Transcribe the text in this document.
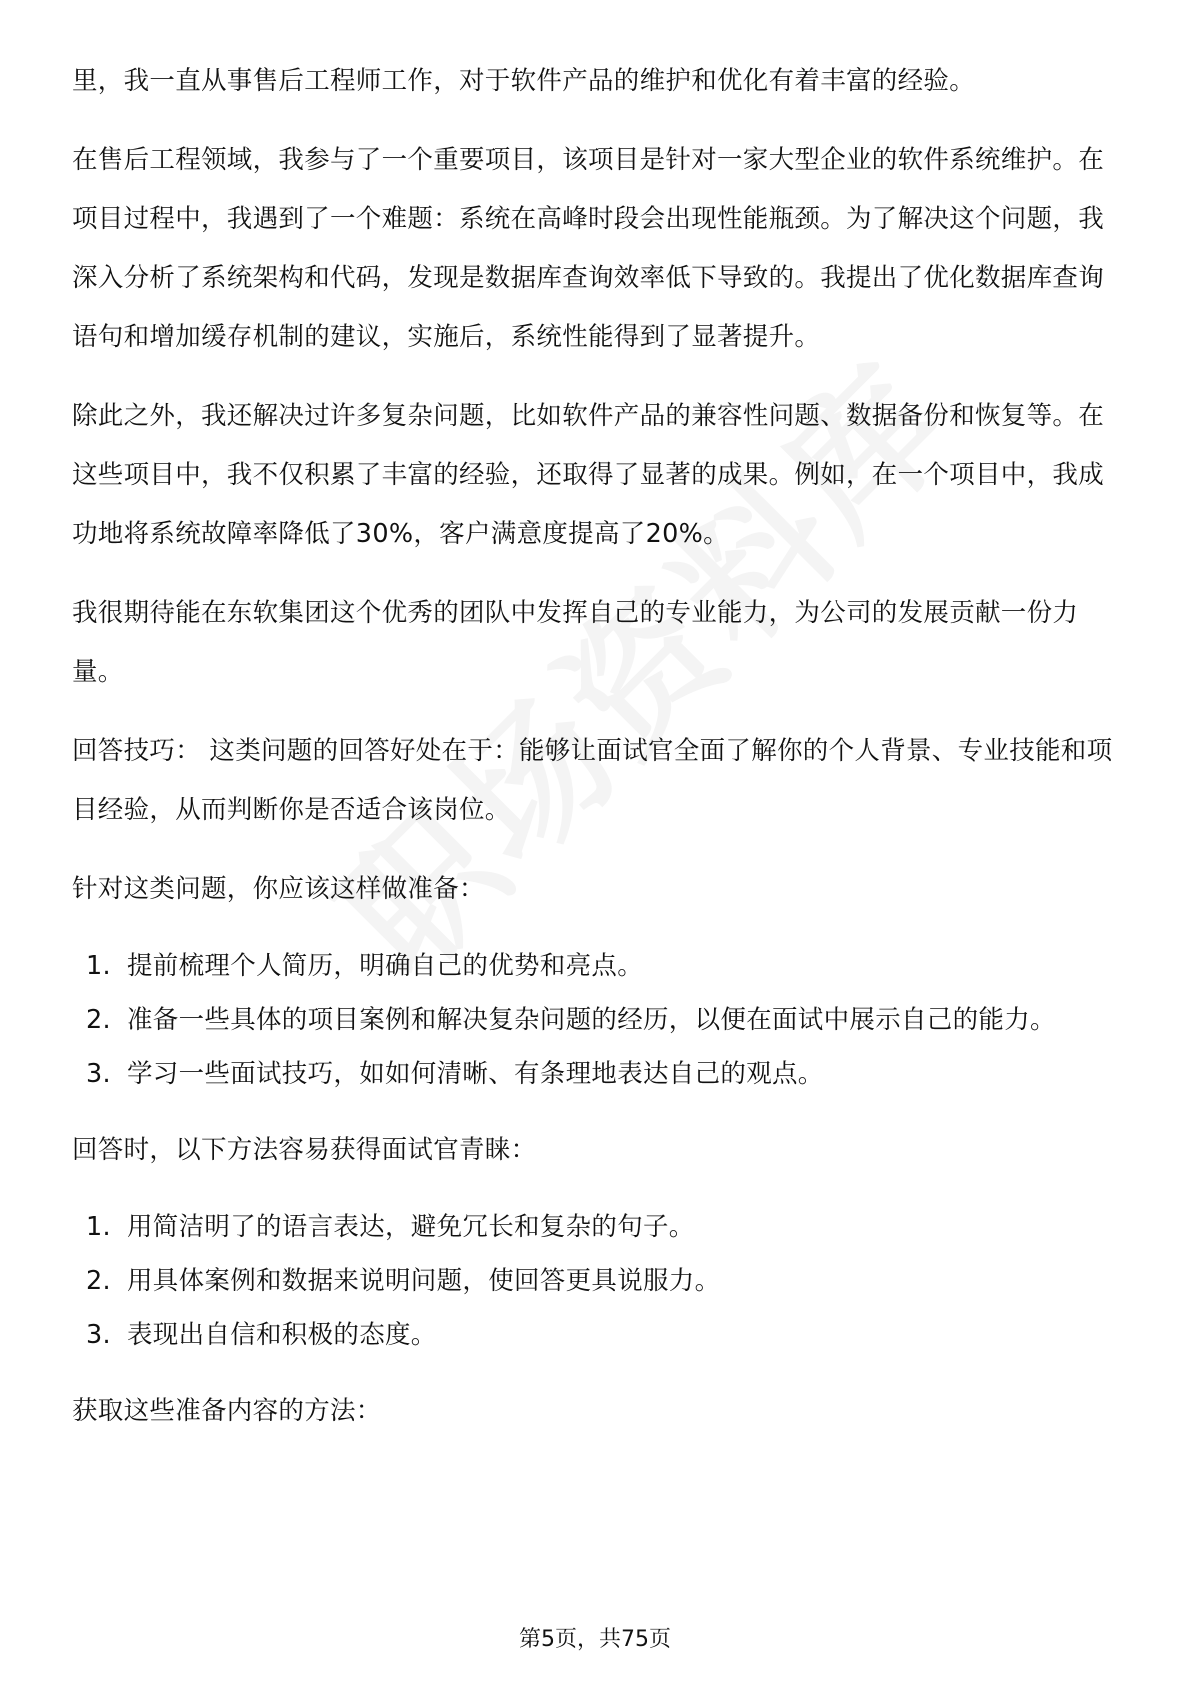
里，我一直从事售后工程师工作，对于软件产品的维护和优化有着丰富的经验。

在售后工程领域，我参与了一个重要项目，该项目是针对一家大型企业的软件系统维护。在项目过程中，我遇到了一个难题：系统在高峰时段会出现性能瓶颈。为了解决这个问题，我深入分析了系统架构和代码，发现是数据库查询效率低下导致的。我提出了优化数据库查询语句和增加缓存机制的建议，实施后，系统性能得到了显著提升。

除此之外，我还解决过许多复杂问题，比如软件产品的兼容性问题、数据备份和恢复等。在这些项目中，我不仅积累了丰富的经验，还取得了显著的成果。例如，在一个项目中，我成功地将系统故障率降低了30%，客户满意度提高了20%。

我很期待能在东软集团这个优秀的团队中发挥自己的专业能力，为公司的发展贡献一份力量。

回答技巧： 这类问题的回答好处在于：能够让面试官全面了解你的个人背景、专业技能和项目经验，从而判断你是否适合该岗位。

针对这类问题，你应该这样做准备：

1. 提前梳理个人简历，明确自己的优势和亮点。
2. 准备一些具体的项目案例和解决复杂问题的经历，以便在面试中展示自己的能力。
3. 学习一些面试技巧，如如何清晰、有条理地表达自己的观点。

回答时，以下方法容易获得面试官青睐：

1. 用简洁明了的语言表达，避免冗长和复杂的句子。
2. 用具体案例和数据来说明问题，使回答更具说服力。
3. 表现出自信和积极的态度。

获取这些准备内容的方法：

第5页，共75页
